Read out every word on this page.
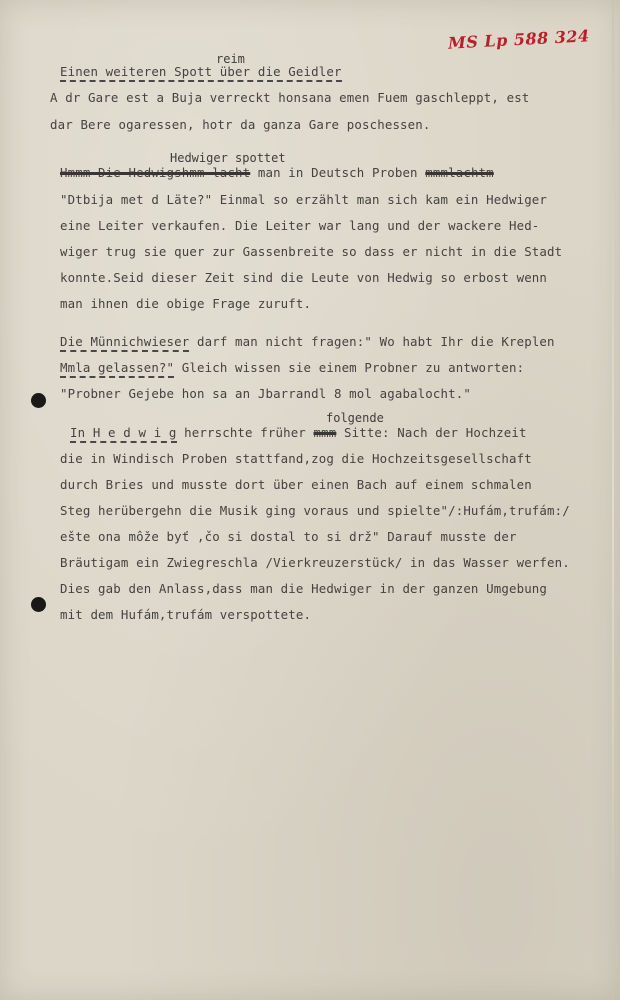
MS Lp 588 324
reim
Einen weiteren Spott über die Geidler
A dr Gare est a Buja verreckt honsana emen Fuem gaschleppt, est
dar Bere ogaressen, hotr da ganza Gare poschessen.
Hedwiger spottet
Hmmm Die Hedwigshmm lacht man in Deutsch Proben mmmlachtm
"Dtbija met d Läte?" Einmal so erzählt man sich kam ein Hedwiger
eine Leiter verkaufen. Die Leiter war lang und der wackere Hed-
wiger trug sie quer zur Gassenbreite so dass er nicht in die Stadt
konnte.Seid dieser Zeit sind die Leute von Hedwig so erbost wenn
man ihnen die obige Frage zuruft.
Die Münnichwieser darf man nicht fragen:" Wo habt Ihr die Kreplen
Mmla gelassen?" Gleich wissen sie einem Probner zu antworten:
"Probner Gejebe hon sa an Jbarrandl 8 mol agabalocht."
folgende
In H e d w i g herrschte früher mmm Sitte: Nach der Hochzeit
die in Windisch Proben stattfand,zog die Hochzeitsgesellschaft
durch Bries und musste dort über einen Bach auf einem schmalen
Steg herübergehn die Musik ging voraus und spielte"/:Hufám,trufám:/
ešte ona môže byť ,čo si dostal to si drž" Darauf musste der
Bräutigam ein Zwiegreschla /Vierkreuzerstück/ in das Wasser werfen.
Dies gab den Anlass,dass man die Hedwiger in der ganzen Umgebung
mit dem Hufám,trufám verspottete.
